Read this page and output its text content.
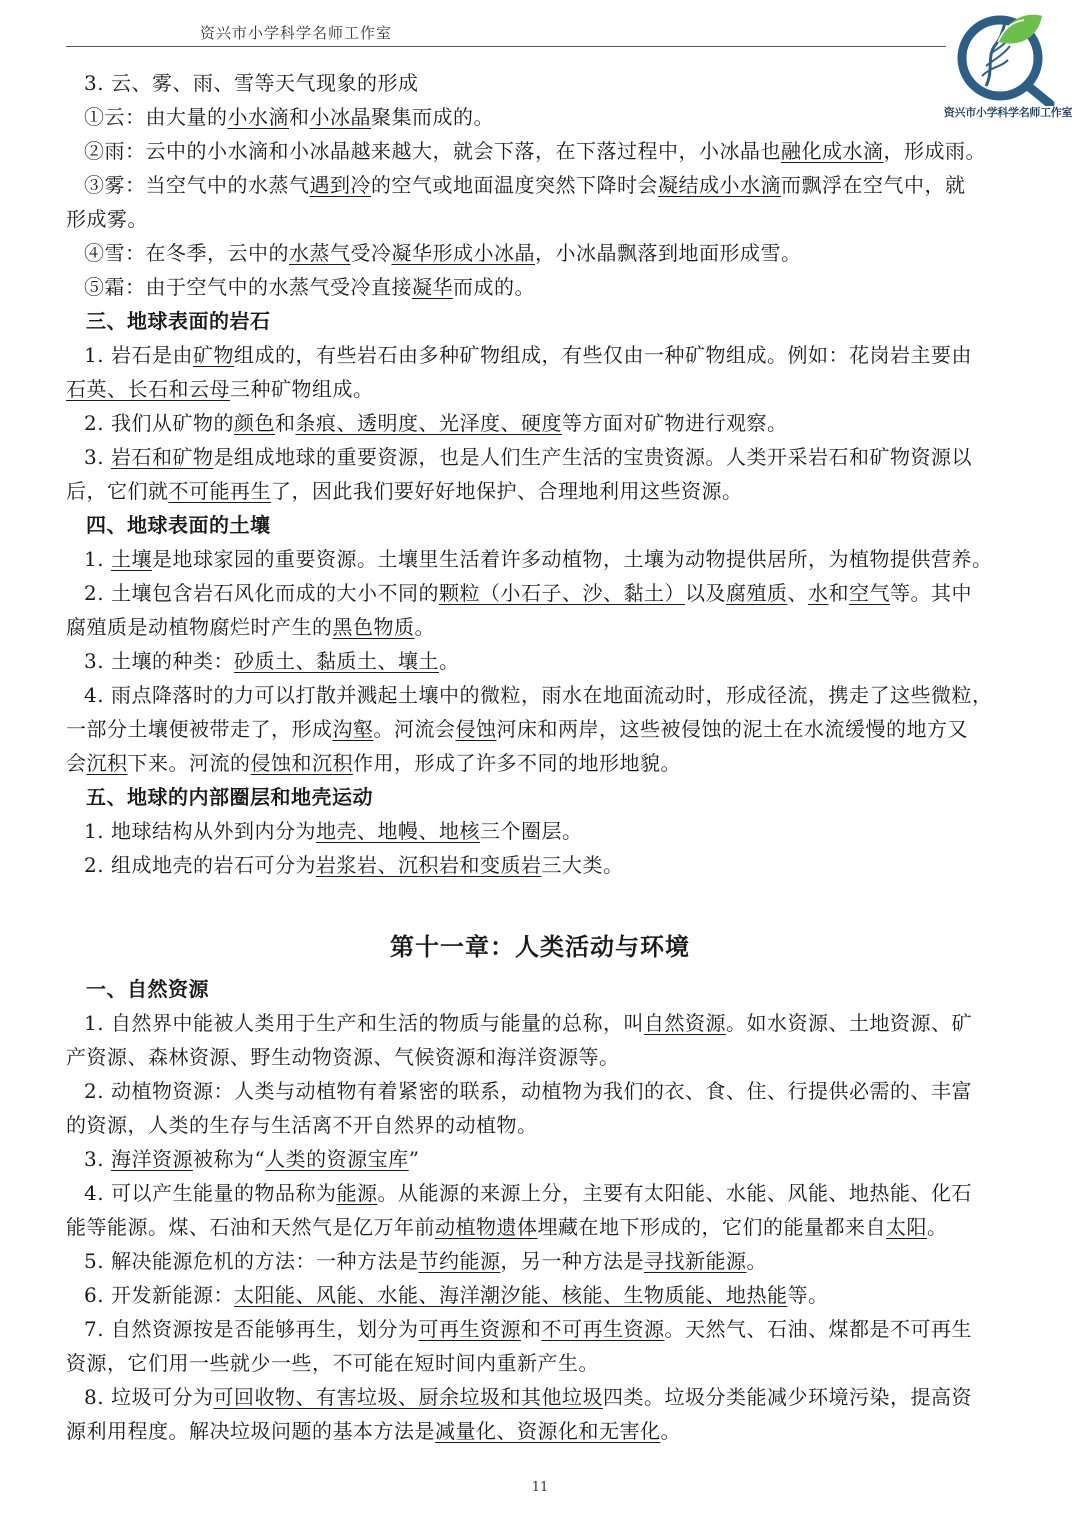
资兴市小学科学名师工作室
资兴市小学科学名师工作室
3. 云、雾、雨、雪等天气现象的形成
①云：由大量的小水滴和小冰晶聚集而成的。
②雨：云中的小水滴和小冰晶越来越大，就会下落，在下落过程中，小冰晶也融化成水滴，形成雨。
③雾：当空气中的水蒸气遇到冷的空气或地面温度突然下降时会凝结成小水滴而飘浮在空气中，就
形成雾。
④雪：在冬季，云中的水蒸气受冷凝华形成小冰晶，小冰晶飘落到地面形成雪。
⑤霜：由于空气中的水蒸气受冷直接凝华而成的。
三、地球表面的岩石
1. 岩石是由矿物组成的，有些岩石由多种矿物组成，有些仅由一种矿物组成。例如：花岗岩主要由
石英、长石和云母三种矿物组成。
2. 我们从矿物的颜色和条痕、透明度、光泽度、硬度等方面对矿物进行观察。
3. 岩石和矿物是组成地球的重要资源，也是人们生产生活的宝贵资源。人类开采岩石和矿物资源以
后，它们就不可能再生了，因此我们要好好地保护、合理地利用这些资源。
四、地球表面的土壤
1. 土壤是地球家园的重要资源。土壤里生活着许多动植物，土壤为动物提供居所，为植物提供营养。
2. 土壤包含岩石风化而成的大小不同的颗粒（小石子、沙、黏土）以及腐殖质、水和空气等。其中
腐殖质是动植物腐烂时产生的黑色物质。
3. 土壤的种类：砂质土、黏质土、壤土。
4. 雨点降落时的力可以打散并溅起土壤中的微粒，雨水在地面流动时，形成径流，携走了这些微粒，
一部分土壤便被带走了，形成沟壑。河流会侵蚀河床和两岸，这些被侵蚀的泥土在水流缓慢的地方又
会沉积下来。河流的侵蚀和沉积作用，形成了许多不同的地形地貌。
五、地球的内部圈层和地壳运动
1. 地球结构从外到内分为地壳、地幔、地核三个圈层。
2. 组成地壳的岩石可分为岩浆岩、沉积岩和变质岩三大类。
第十一章：人类活动与环境
一、自然资源
1. 自然界中能被人类用于生产和生活的物质与能量的总称，叫自然资源。如水资源、土地资源、矿
产资源、森林资源、野生动物资源、气候资源和海洋资源等。
2. 动植物资源：人类与动植物有着紧密的联系，动植物为我们的衣、食、住、行提供必需的、丰富
的资源，人类的生存与生活离不开自然界的动植物。
3. 海洋资源被称为“人类的资源宝库”
4. 可以产生能量的物品称为能源。从能源的来源上分，主要有太阳能、水能、风能、地热能、化石
能等能源。煤、石油和天然气是亿万年前动植物遗体埋藏在地下形成的，它们的能量都来自太阳。
5. 解决能源危机的方法：一种方法是节约能源，另一种方法是寻找新能源。
6. 开发新能源：太阳能、风能、水能、海洋潮汐能、核能、生物质能、地热能等。
7. 自然资源按是否能够再生，划分为可再生资源和不可再生资源。天然气、石油、煤都是不可再生
资源，它们用一些就少一些，不可能在短时间内重新产生。
8. 垃圾可分为可回收物、有害垃圾、厨余垃圾和其他垃圾四类。垃圾分类能减少环境污染，提高资
源利用程度。解决垃圾问题的基本方法是减量化、资源化和无害化。
11
